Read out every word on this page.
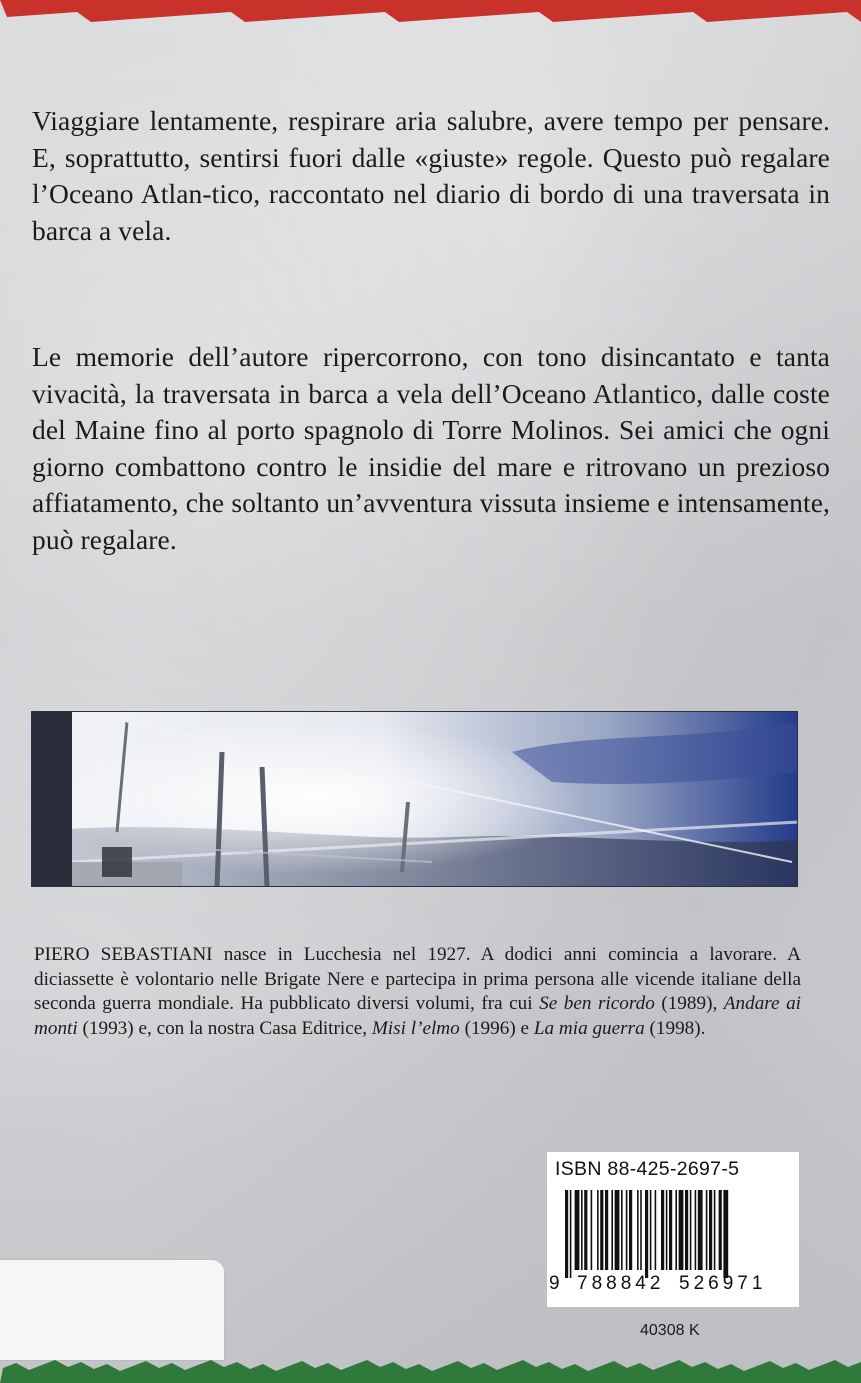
Viaggiare lentamente, respirare aria salubre, avere tempo per pensare. E, soprattutto, sentirsi fuori dalle «giuste» regole. Questo può regalare l’Oceano Atlan-tico, raccontato nel diario di bordo di una traversata in barca a vela.

Le memorie dell’autore ripercorrono, con tono disincantato e tanta vivacità, la traversata in barca a vela dell’Oceano Atlantico, dalle coste del Maine fino al porto spagnolo di Torre Molinos. Sei amici che ogni giorno combattono contro le insidie del mare e ritrovano un prezioso affiatamento, che soltanto un’avventura vissuta insieme e intensamente, può regalare.

PIERO SEBASTIANI nasce in Lucchesia nel 1927. A dodici anni comincia a lavorare. A diciassette è volontario nelle Brigate Nere e partecipa in prima persona alle vicende italiane della seconda guerra mondiale. Ha pubblicato diversi volumi, fra cui Se ben ricordo (1989), Andare ai monti (1993) e, con la nostra Casa Editrice, Misi l’elmo (1996) e La mia guerra (1998).

ISBN 88-425-2697-5
9 788842 526971
40308 K
